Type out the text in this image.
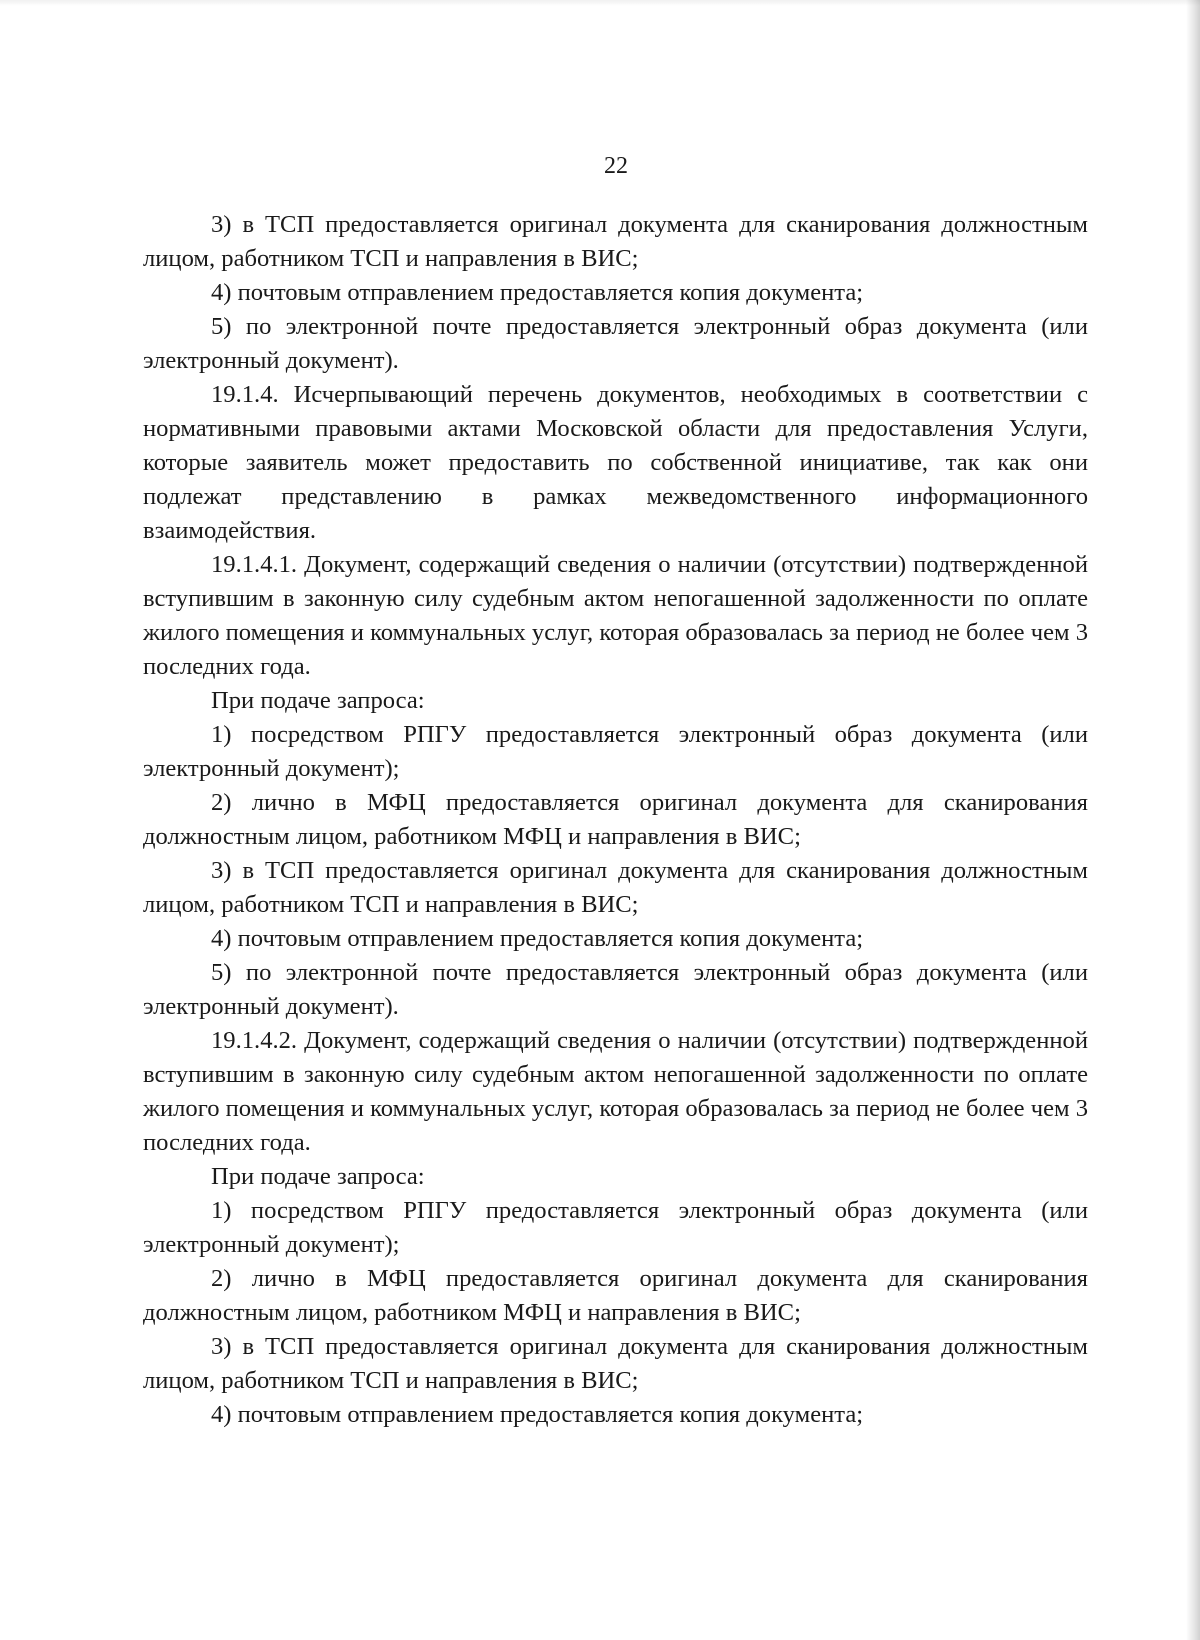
22

3) в ТСП предоставляется оригинал документа для сканирования должностным лицом, работником ТСП и направления в ВИС;

4) почтовым отправлением предоставляется копия документа;

5) по электронной почте предоставляется электронный образ документа (или электронный документ).

19.1.4. Исчерпывающий перечень документов, необходимых в соответствии с нормативными правовыми актами Московской области для предоставления Услуги, которые заявитель может предоставить по собственной инициативе, так как они подлежат представлению в рамках межведомственного информационного взаимодействия.

19.1.4.1. Документ, содержащий сведения о наличии (отсутствии) подтвержденной вступившим в законную силу судебным актом непогашенной задолженности по оплате жилого помещения и коммунальных услуг, которая образовалась за период не более чем 3 последних года.

При подаче запроса:

1) посредством РПГУ предоставляется электронный образ документа (или электронный документ);

2) лично в МФЦ предоставляется оригинал документа для сканирования должностным лицом, работником МФЦ и направления в ВИС;

3) в ТСП предоставляется оригинал документа для сканирования должностным лицом, работником ТСП и направления в ВИС;

4) почтовым отправлением предоставляется копия документа;

5) по электронной почте предоставляется электронный образ документа (или электронный документ).

19.1.4.2. Документ, содержащий сведения о наличии (отсутствии) подтвержденной вступившим в законную силу судебным актом непогашенной задолженности по оплате жилого помещения и коммунальных услуг, которая образовалась за период не более чем 3 последних года.

При подаче запроса:

1) посредством РПГУ предоставляется электронный образ документа (или электронный документ);

2) лично в МФЦ предоставляется оригинал документа для сканирования должностным лицом, работником МФЦ и направления в ВИС;

3) в ТСП предоставляется оригинал документа для сканирования должностным лицом, работником ТСП и направления в ВИС;

4) почтовым отправлением предоставляется копия документа;
